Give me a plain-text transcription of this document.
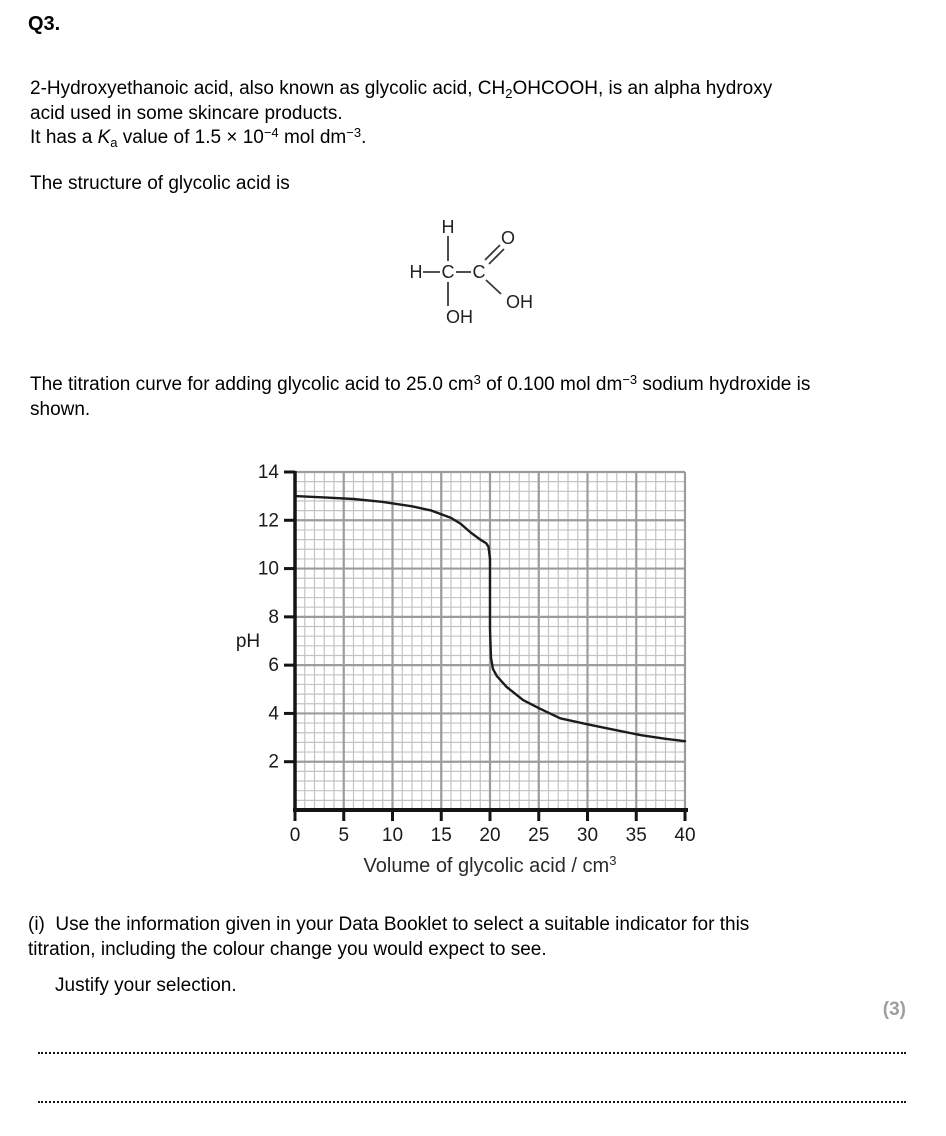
Q3.
2-Hydroxyethanoic acid, also known as glycolic acid, $CH_2OHCOOH$, is an alpha hydroxy
acid used in some skincare products.
It has a $K_a$ value of $1.5 \times 10^{-4}$ mol $dm^{-3}$.
The structure of glycolic acid is
H
H C C
O
OH
OH
The titration curve for adding glycolic acid to 25.0 $cm^3$ of 0.100 mol $dm^{-3}$ sodium hydroxide is
shown.
2
4
6
8
10
12
14
0 5 10 15 20 25 30 35 40
pH
Volume of glycolic acid / $cm^3$
(i)  Use the information given in your Data Booklet to select a suitable indicator for this
titration, including the colour change you would expect to see.
Justify your selection.
(3)
